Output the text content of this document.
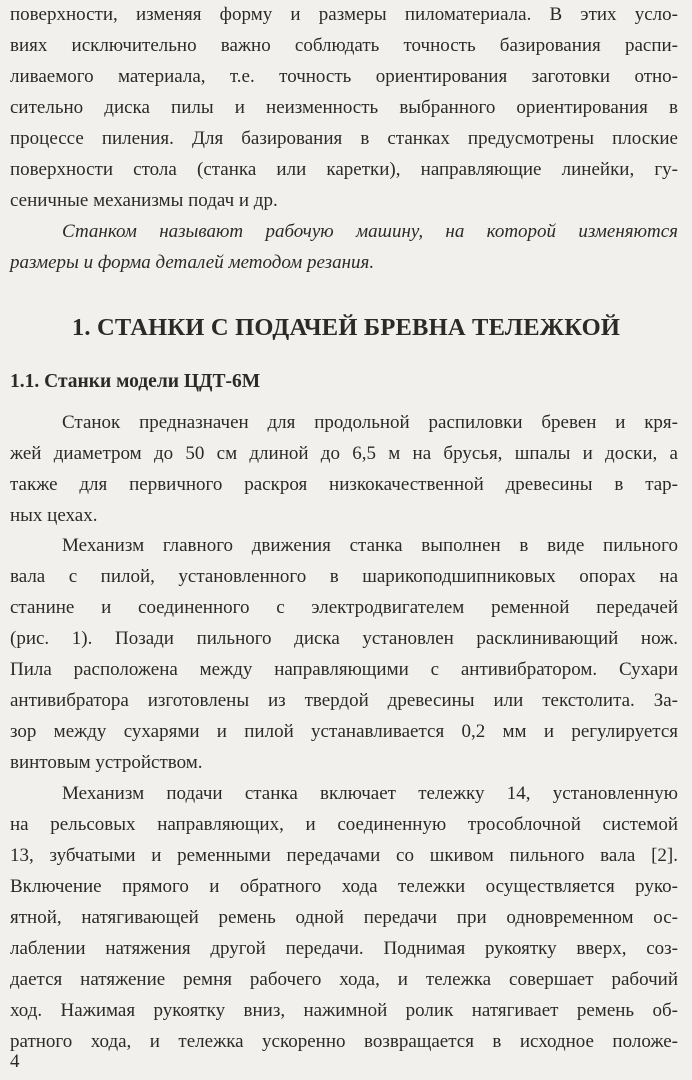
поверхности, изменяя форму и размеры пиломатериала. В этих усло-
виях исключительно важно соблюдать точность базирования распи-
ливаемого материала, т.е. точность ориентирования заготовки отно-
сительно диска пилы и неизменность выбранного ориентирования в
процессе пиления. Для базирования в станках предусмотрены плоские
поверхности стола (станка или каретки), направляющие линейки, гу-
сеничные механизмы подач и др.
Станком называют рабочую машину, на которой изменяются
размеры и форма деталей методом резания.
1. СТАНКИ С ПОДАЧЕЙ БРЕВНА ТЕЛЕЖКОЙ
1.1. Станки модели ЦДТ-6М
Станок предназначен для продольной распиловки бревен и кря-
жей диаметром до 50 см длиной до 6,5 м на брусья, шпалы и доски, а
также для первичного раскроя низкокачественной древесины в тар-
ных цехах.
Механизм главного движения станка выполнен в виде пильного
вала с пилой, установленного в шарикоподшипниковых опорах на
станине и соединенного с электродвигателем ременной передачей
(рис. 1). Позади пильного диска установлен расклинивающий нож.
Пила расположена между направляющими с антивибратором. Сухари
антивибратора изготовлены из твердой древесины или текстолита. За-
зор между сухарями и пилой устанавливается 0,2 мм и регулируется
винтовым устройством.
Механизм подачи станка включает тележку 14, установленную
на рельсовых направляющих, и соединенную трособлочной системой
13, зубчатыми и ременными передачами со шкивом пильного вала [2].
Включение прямого и обратного хода тележки осуществляется руко-
ятной, натягивающей ремень одной передачи при одновременном ос-
лаблении натяжения другой передачи. Поднимая рукоятку вверх, соз-
дается натяжение ремня рабочего хода, и тележка совершает рабочий
ход. Нажимая рукоятку вниз, нажимной ролик натягивает ремень об-
ратного хода, и тележка ускоренно возвращается в исходное положе-
4
